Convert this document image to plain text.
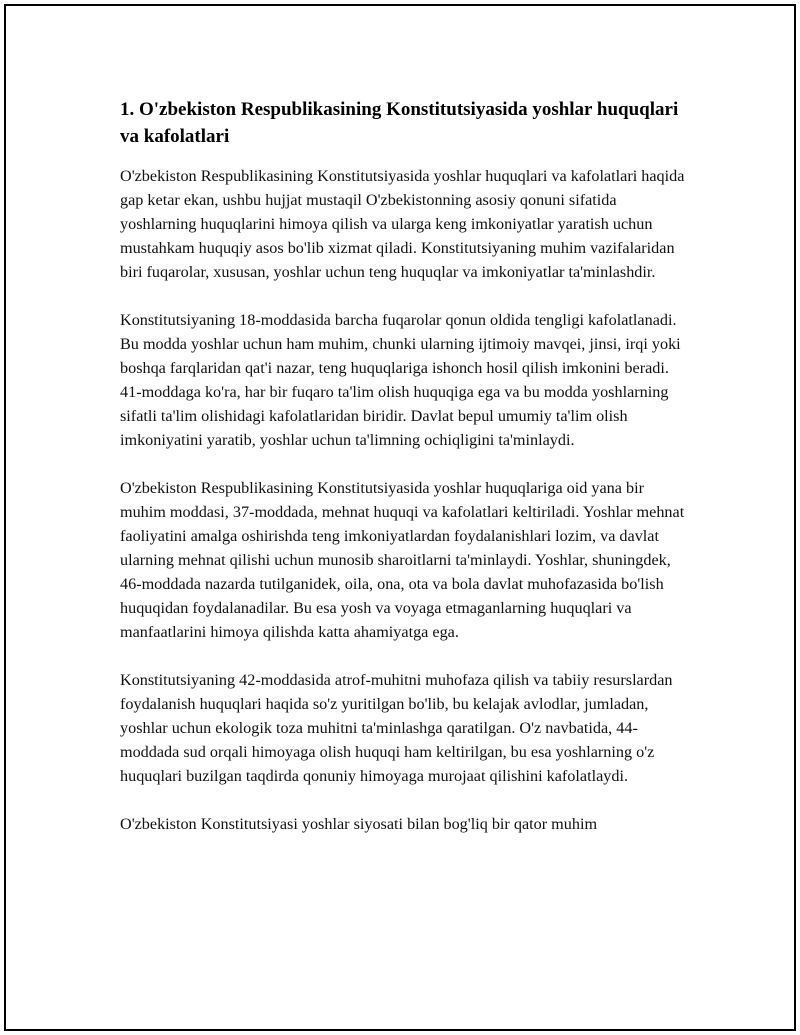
1. O'zbekiston Respublikasining Konstitutsiyasida yoshlar huquqlari va kafolatlari

O'zbekiston Respublikasining Konstitutsiyasida yoshlar huquqlari va kafolatlari haqida gap ketar ekan, ushbu hujjat mustaqil O'zbekistonning asosiy qonuni sifatida yoshlarning huquqlarini himoya qilish va ularga keng imkoniyatlar yaratish uchun mustahkam huquqiy asos bo'lib xizmat qiladi. Konstitutsiyaning muhim vazifalaridan biri fuqarolar, xususan, yoshlar uchun teng huquqlar va imkoniyatlar ta'minlashdir.

Konstitutsiyaning 18-moddasida barcha fuqarolar qonun oldida tengligi kafolatlanadi. Bu modda yoshlar uchun ham muhim, chunki ularning ijtimoiy mavqei, jinsi, irqi yoki boshqa farqlaridan qat'i nazar, teng huquqlariga ishonch hosil qilish imkonini beradi. 41-moddaga ko'ra, har bir fuqaro ta'lim olish huquqiga ega va bu modda yoshlarning sifatli ta'lim olishidagi kafolatlaridan biridir. Davlat bepul umumiy ta'lim olish imkoniyatini yaratib, yoshlar uchun ta'limning ochiqligini ta'minlaydi.

O'zbekiston Respublikasining Konstitutsiyasida yoshlar huquqlariga oid yana bir muhim moddasi, 37-moddada, mehnat huquqi va kafolatlari keltiriladi. Yoshlar mehnat faoliyatini amalga oshirishda teng imkoniyatlardan foydalanishlari lozim, va davlat ularning mehnat qilishi uchun munosib sharoitlarni ta'minlaydi. Yoshlar, shuningdek, 46-moddada nazarda tutilganidek, oila, ona, ota va bola davlat muhofazasida bo'lish huquqidan foydalanadilar. Bu esa yosh va voyaga etmaganlarning huquqlari va manfaatlarini himoya qilishda katta ahamiyatga ega.

Konstitutsiyaning 42-moddasida atrof-muhitni muhofaza qilish va tabiiy resurslardan foydalanish huquqlari haqida so'z yuritilgan bo'lib, bu kelajak avlodlar, jumladan, yoshlar uchun ekologik toza muhitni ta'minlashga qaratilgan. O'z navbatida, 44-moddada sud orqali himoyaga olish huquqi ham keltirilgan, bu esa yoshlarning o'z huquqlari buzilgan taqdirda qonuniy himoyaga murojaat qilishini kafolatlaydi.

O'zbekiston Konstitutsiyasi yoshlar siyosati bilan bog'liq bir qator muhim
